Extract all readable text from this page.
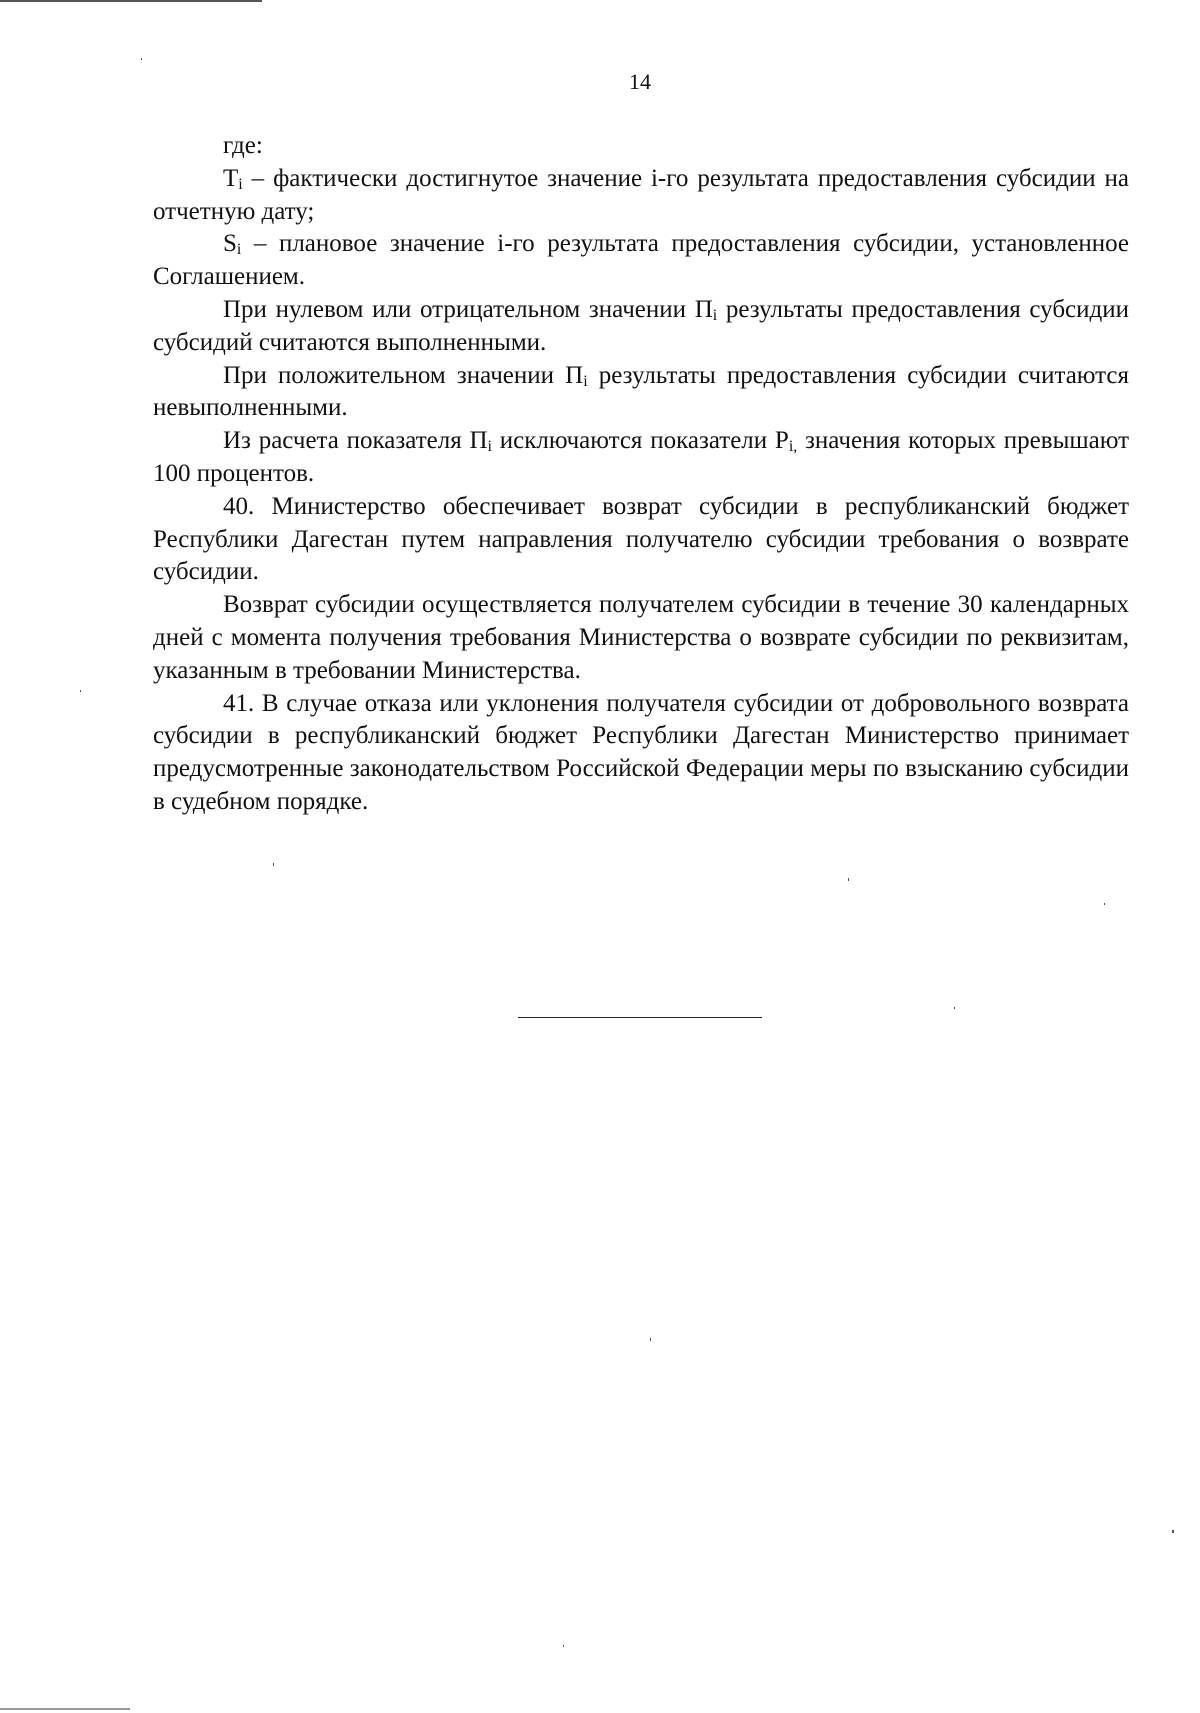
14

где:

Ti – фактически достигнутое значение i-го результата предоставления субсидии на отчетную дату;

Si – плановое значение i-го результата предоставления субсидии, установленное Соглашением.

При нулевом или отрицательном значении Пi результаты предоставления субсидии субсидий считаются выполненными.

При положительном значении Пi результаты предоставления субсидии считаются невыполненными.

Из расчета показателя Пi исключаются показатели Pi, значения которых превышают 100 процентов.

40. Министерство обеспечивает возврат субсидии в республиканский бюджет Республики Дагестан путем направления получателю субсидии требования о возврате субсидии.

Возврат субсидии осуществляется получателем субсидии в течение 30 календарных дней с момента получения требования Министерства о возврате субсидии по реквизитам, указанным в требовании Министерства.

41. В случае отказа или уклонения получателя субсидии от добровольного возврата субсидии в республиканский бюджет Республики Дагестан Министерство принимает предусмотренные законодательством Российской Федерации меры по взысканию субсидии в судебном порядке.
